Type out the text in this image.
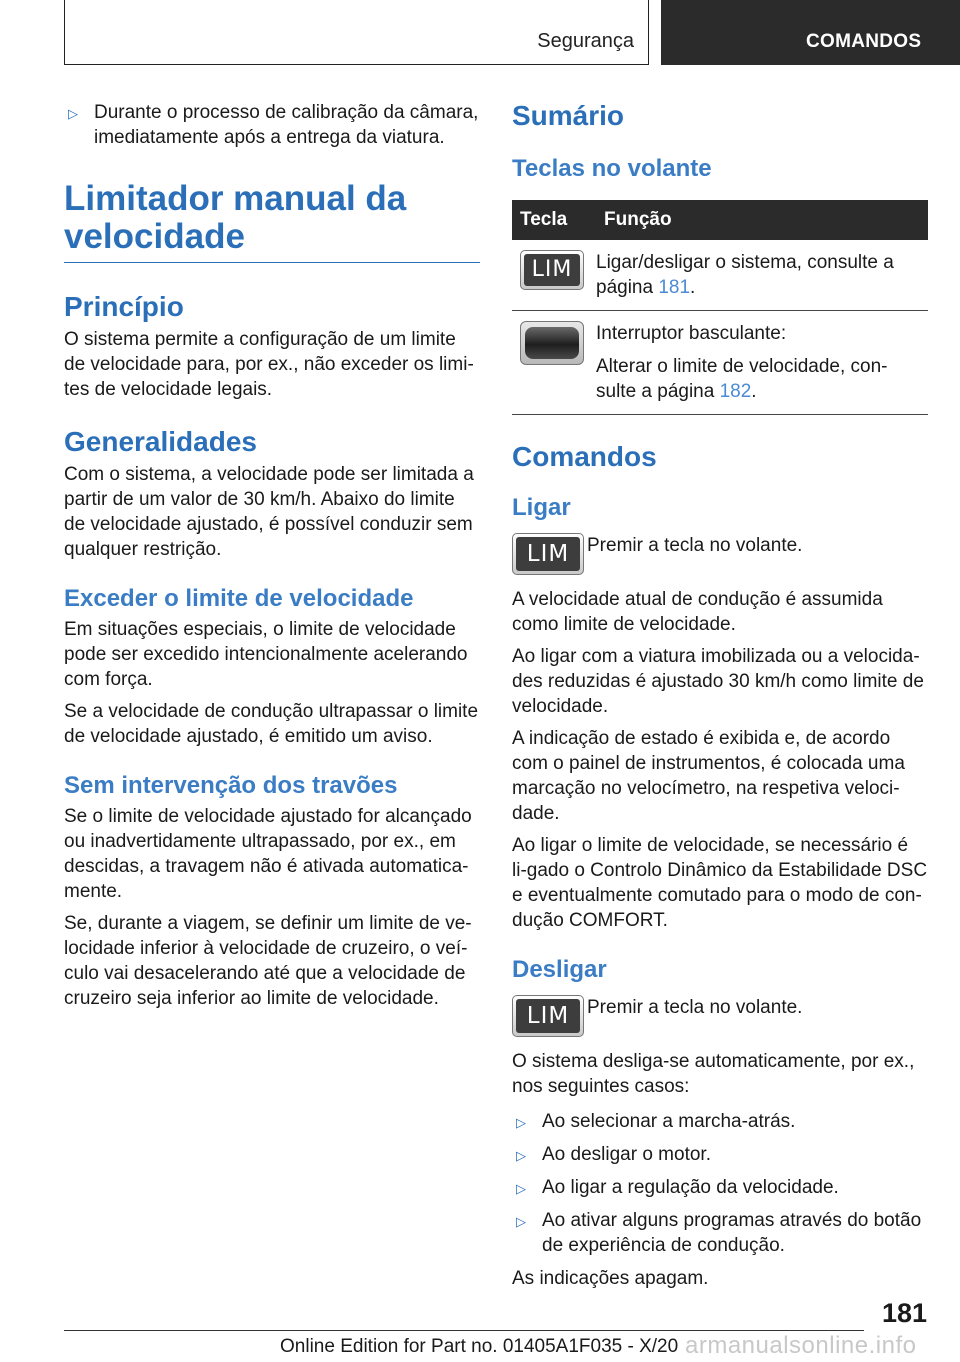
Segurança	COMANDOS
▷ Durante o processo de calibração da câmara, imediatamente após a entrega da viatura.
Limitador manual da velocidade
Princípio
O sistema permite a configuração de um limite de velocidade para, por ex., não exceder os limi-tes de velocidade legais.
Generalidades
Com o sistema, a velocidade pode ser limitada a partir de um valor de 30 km/h. Abaixo do limite de velocidade ajustado, é possível conduzir sem qualquer restrição.
Exceder o limite de velocidade
Em situações especiais, o limite de velocidade pode ser excedido intencionalmente acelerando com força.
Se a velocidade de condução ultrapassar o limite de velocidade ajustado, é emitido um aviso.
Sem intervenção dos travões
Se o limite de velocidade ajustado for alcançado ou inadvertidamente ultrapassado, por ex., em descidas, a travagem não é ativada automatica-mente.
Se, durante a viagem, se definir um limite de ve-locidade inferior à velocidade de cruzeiro, o veí-culo vai desacelerando até que a velocidade de cruzeiro seja inferior ao limite de velocidade.
Sumário
Teclas no volante
Tecla	Função

LIM	Ligar/desligar o sistema, consulte a página 181.

	Interruptor basculante:
Alterar o limite de velocidade, con-sulte a página 182.
Comandos
Ligar
LIM Premir a tecla no volante.
A velocidade atual de condução é assumida como limite de velocidade.
Ao ligar com a viatura imobilizada ou a velocida-des reduzidas é ajustado 30 km/h como limite de velocidade.
A indicação de estado é exibida e, de acordo com o painel de instrumentos, é colocada uma marcação no velocímetro, na respetiva veloci-dade.
Ao ligar o limite de velocidade, se necessário é li-gado o Controlo Dinâmico da Estabilidade DSC e eventualmente comutado para o modo de con-dução COMFORT.
Desligar
LIM Premir a tecla no volante.
O sistema desliga-se automaticamente, por ex., nos seguintes casos:
▷ Ao selecionar a marcha-atrás.
▷ Ao desligar o motor.
▷ Ao ligar a regulação da velocidade.
▷ Ao ativar alguns programas através do botão de experiência de condução.
As indicações apagam.
181
Online Edition for Part no. 01405A1F035 - X/20 armanualsonline.info
